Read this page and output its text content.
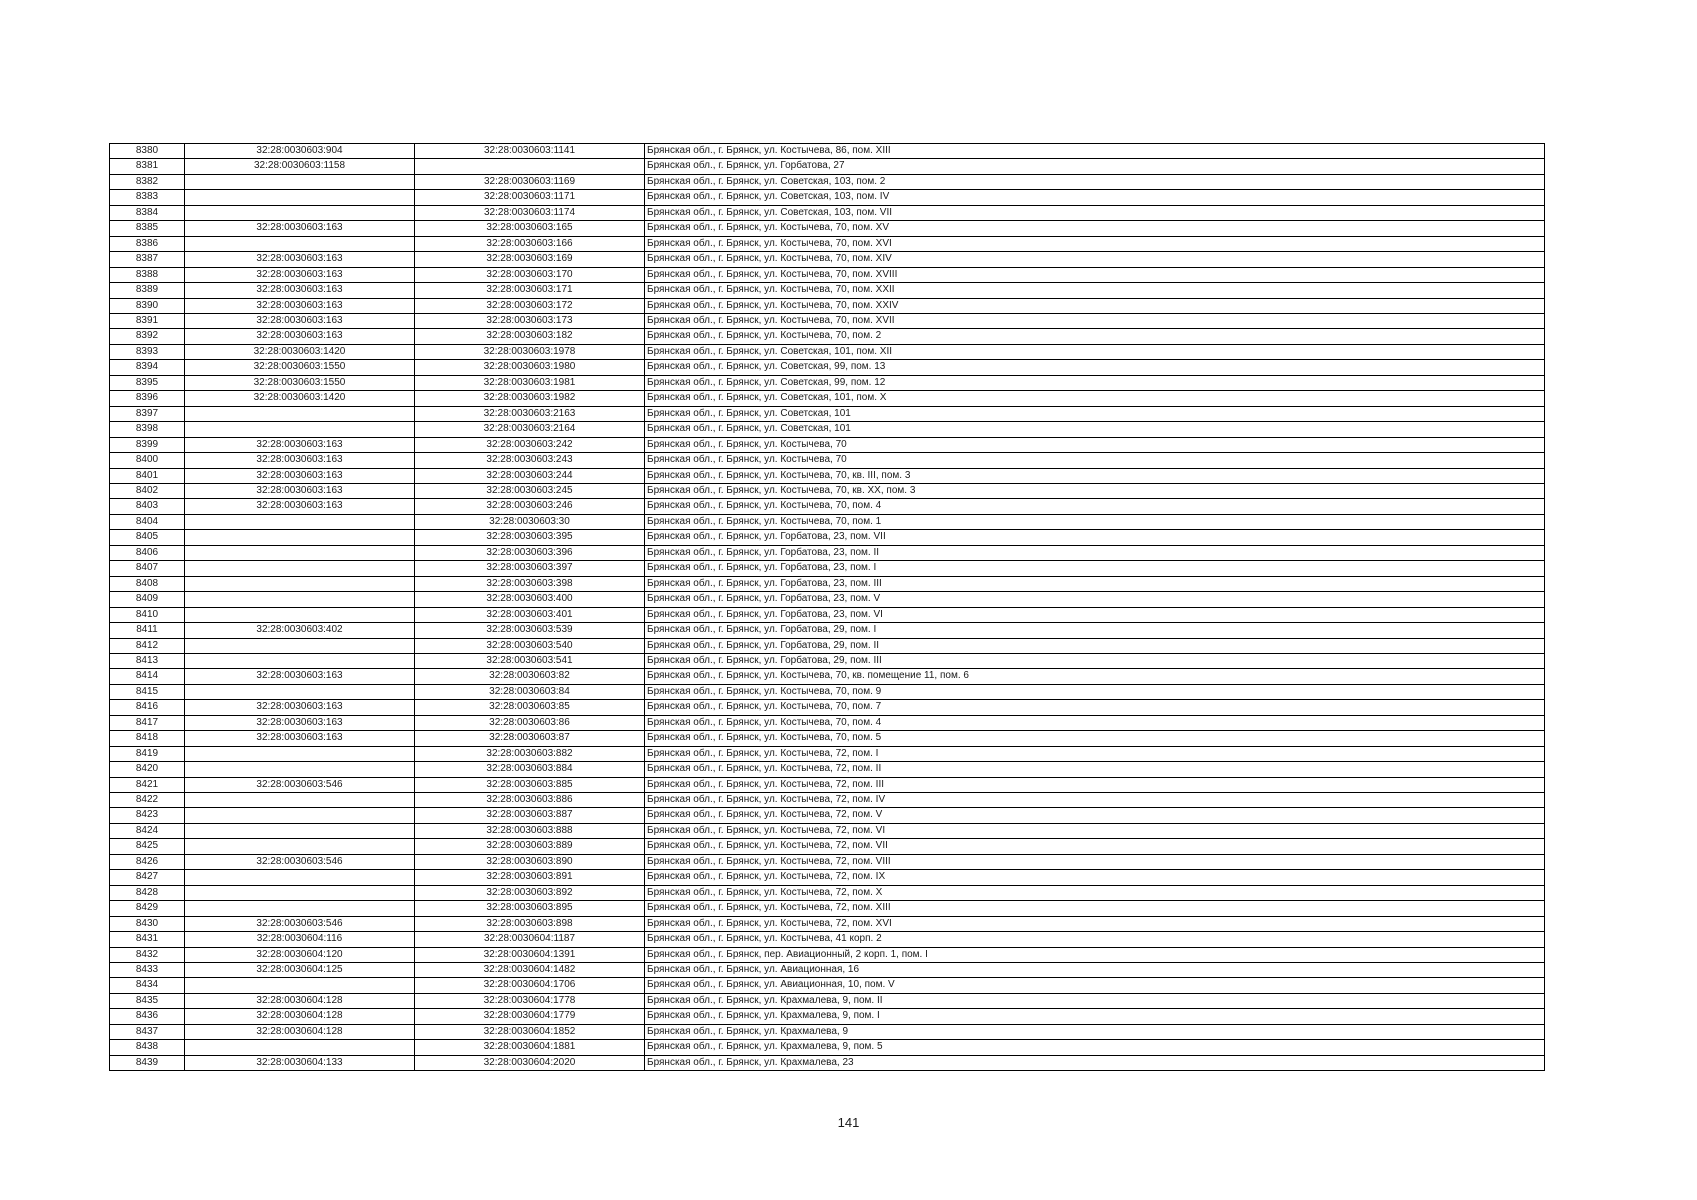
8380	32:28:0030603:904	32:28:0030603:1141	Брянская обл., г. Брянск, ул. Костычева, 86, пом. XIII
8381	32:28:0030603:1158		Брянская обл., г. Брянск, ул. Горбатова, 27
8382		32:28:0030603:1169	Брянская обл., г. Брянск, ул. Советская, 103, пом. 2
8383		32:28:0030603:1171	Брянская обл., г. Брянск, ул. Советская, 103, пом. IV
8384		32:28:0030603:1174	Брянская обл., г. Брянск, ул. Советская, 103, пом. VII
8385	32:28:0030603:163	32:28:0030603:165	Брянская обл., г. Брянск, ул. Костычева, 70, пом. XV
8386		32:28:0030603:166	Брянская обл., г. Брянск, ул. Костычева, 70, пом. XVI
8387	32:28:0030603:163	32:28:0030603:169	Брянская обл., г. Брянск, ул. Костычева, 70, пом. XIV
8388	32:28:0030603:163	32:28:0030603:170	Брянская обл., г. Брянск, ул. Костычева, 70, пом. XVIII
8389	32:28:0030603:163	32:28:0030603:171	Брянская обл., г. Брянск, ул. Костычева, 70, пом. XXII
8390	32:28:0030603:163	32:28:0030603:172	Брянская обл., г. Брянск, ул. Костычева, 70, пом. XXIV
8391	32:28:0030603:163	32:28:0030603:173	Брянская обл., г. Брянск, ул. Костычева, 70, пом. XVII
8392	32:28:0030603:163	32:28:0030603:182	Брянская обл., г. Брянск, ул. Костычева, 70, пом. 2
8393	32:28:0030603:1420	32:28:0030603:1978	Брянская обл., г. Брянск, ул. Советская, 101, пом. XII
8394	32:28:0030603:1550	32:28:0030603:1980	Брянская обл., г. Брянск, ул. Советская, 99, пом. 13
8395	32:28:0030603:1550	32:28:0030603:1981	Брянская обл., г. Брянск, ул. Советская, 99, пом. 12
8396	32:28:0030603:1420	32:28:0030603:1982	Брянская обл., г. Брянск, ул. Советская, 101, пом. X
8397		32:28:0030603:2163	Брянская обл., г. Брянск, ул. Советская, 101
8398		32:28:0030603:2164	Брянская обл., г. Брянск, ул. Советская, 101
8399	32:28:0030603:163	32:28:0030603:242	Брянская обл., г. Брянск, ул. Костычева, 70
8400	32:28:0030603:163	32:28:0030603:243	Брянская обл., г. Брянск, ул. Костычева, 70
8401	32:28:0030603:163	32:28:0030603:244	Брянская обл., г. Брянск, ул. Костычева, 70, кв. III, пом. 3
8402	32:28:0030603:163	32:28:0030603:245	Брянская обл., г. Брянск, ул. Костычева, 70, кв. XX, пом. 3
8403	32:28:0030603:163	32:28:0030603:246	Брянская обл., г. Брянск, ул. Костычева, 70, пом. 4
8404		32:28:0030603:30	Брянская обл., г. Брянск, ул. Костычева, 70, пом. 1
8405		32:28:0030603:395	Брянская обл., г. Брянск, ул. Горбатова, 23, пом. VII
8406		32:28:0030603:396	Брянская обл., г. Брянск, ул. Горбатова, 23, пом. II
8407		32:28:0030603:397	Брянская обл., г. Брянск, ул. Горбатова, 23, пом. I
8408		32:28:0030603:398	Брянская обл., г. Брянск, ул. Горбатова, 23, пом. III
8409		32:28:0030603:400	Брянская обл., г. Брянск, ул. Горбатова, 23, пом. V
8410		32:28:0030603:401	Брянская обл., г. Брянск, ул. Горбатова, 23, пом. VI
8411	32:28:0030603:402	32:28:0030603:539	Брянская обл., г. Брянск, ул. Горбатова, 29, пом. I
8412		32:28:0030603:540	Брянская обл., г. Брянск, ул. Горбатова, 29, пом. II
8413		32:28:0030603:541	Брянская обл., г. Брянск, ул. Горбатова, 29, пом. III
8414	32:28:0030603:163	32:28:0030603:82	Брянская обл., г. Брянск, ул. Костычева, 70, кв. помещение 11, пом. 6
8415		32:28:0030603:84	Брянская обл., г. Брянск, ул. Костычева, 70, пом. 9
8416	32:28:0030603:163	32:28:0030603:85	Брянская обл., г. Брянск, ул. Костычева, 70, пом. 7
8417	32:28:0030603:163	32:28:0030603:86	Брянская обл., г. Брянск, ул. Костычева, 70, пом. 4
8418	32:28:0030603:163	32:28:0030603:87	Брянская обл., г. Брянск, ул. Костычева, 70, пом. 5
8419		32:28:0030603:882	Брянская обл., г. Брянск, ул. Костычева, 72, пом. I
8420		32:28:0030603:884	Брянская обл., г. Брянск, ул. Костычева, 72, пом. II
8421	32:28:0030603:546	32:28:0030603:885	Брянская обл., г. Брянск, ул. Костычева, 72, пом. III
8422		32:28:0030603:886	Брянская обл., г. Брянск, ул. Костычева, 72, пом. IV
8423		32:28:0030603:887	Брянская обл., г. Брянск, ул. Костычева, 72, пом. V
8424		32:28:0030603:888	Брянская обл., г. Брянск, ул. Костычева, 72, пом. VI
8425		32:28:0030603:889	Брянская обл., г. Брянск, ул. Костычева, 72, пом. VII
8426	32:28:0030603:546	32:28:0030603:890	Брянская обл., г. Брянск, ул. Костычева, 72, пом. VIII
8427		32:28:0030603:891	Брянская обл., г. Брянск, ул. Костычева, 72, пом. IX
8428		32:28:0030603:892	Брянская обл., г. Брянск, ул. Костычева, 72, пом. X
8429		32:28:0030603:895	Брянская обл., г. Брянск, ул. Костычева, 72, пом. XIII
8430	32:28:0030603:546	32:28:0030603:898	Брянская обл., г. Брянск, ул. Костычева, 72, пом. XVI
8431	32:28:0030604:116	32:28:0030604:1187	Брянская обл., г. Брянск, ул. Костычева, 41 корп. 2
8432	32:28:0030604:120	32:28:0030604:1391	Брянская обл., г. Брянск, пер. Авиационный, 2 корп. 1, пом. I
8433	32:28:0030604:125	32:28:0030604:1482	Брянская обл., г. Брянск, ул. Авиационная, 16
8434		32:28:0030604:1706	Брянская обл., г. Брянск, ул. Авиационная, 10, пом. V
8435	32:28:0030604:128	32:28:0030604:1778	Брянская обл., г. Брянск, ул. Крахмалева, 9, пом. II
8436	32:28:0030604:128	32:28:0030604:1779	Брянская обл., г. Брянск, ул. Крахмалева, 9, пом. I
8437	32:28:0030604:128	32:28:0030604:1852	Брянская обл., г. Брянск, ул. Крахмалева, 9
8438		32:28:0030604:1881	Брянская обл., г. Брянск, ул. Крахмалева, 9, пом. 5
8439	32:28:0030604:133	32:28:0030604:2020	Брянская обл., г. Брянск, ул. Крахмалева, 23
141
